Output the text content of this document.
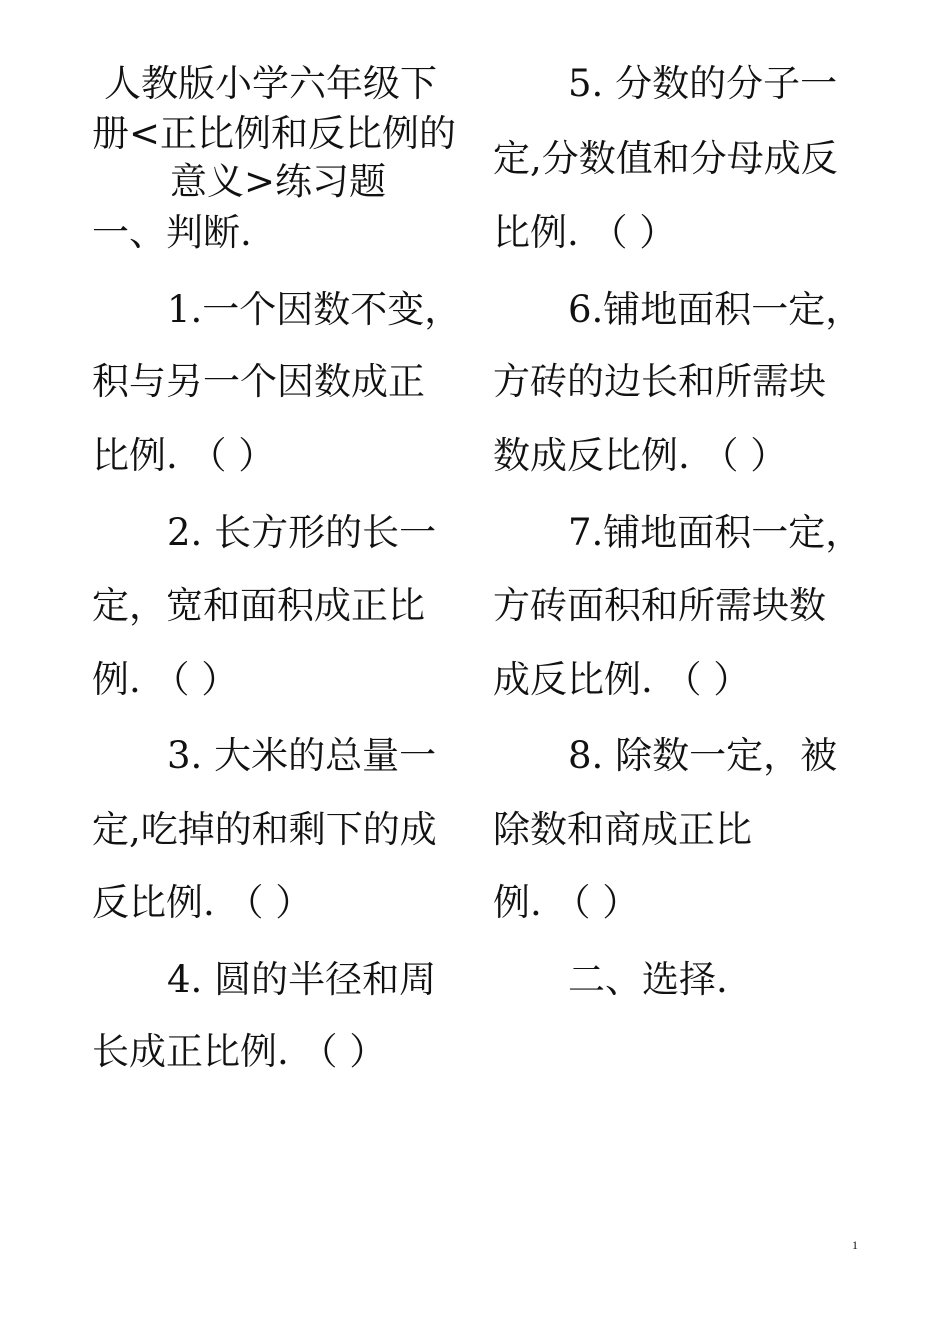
人教版小学六年级下
册<正比例和反比例的
意义>练习题
一、判断.
1.一个因数不变，
积与另一个因数成正
比例. （ ）
2. 长方形的长一
定，宽和面积成正比
例. （ ）
3. 大米的总量一
定,吃掉的和剩下的成
反比例. （ ）
4. 圆的半径和周
长成正比例. （ ）
5. 分数的分子一
定,分数值和分母成反
比例. （ ）
6.铺地面积一定，
方砖的边长和所需块
数成反比例. （ ）
7.铺地面积一定，
方砖面积和所需块数
成反比例. （ ）
8. 除数一定，被
除数和商成正比
例. （ ）
二、选择.
1
